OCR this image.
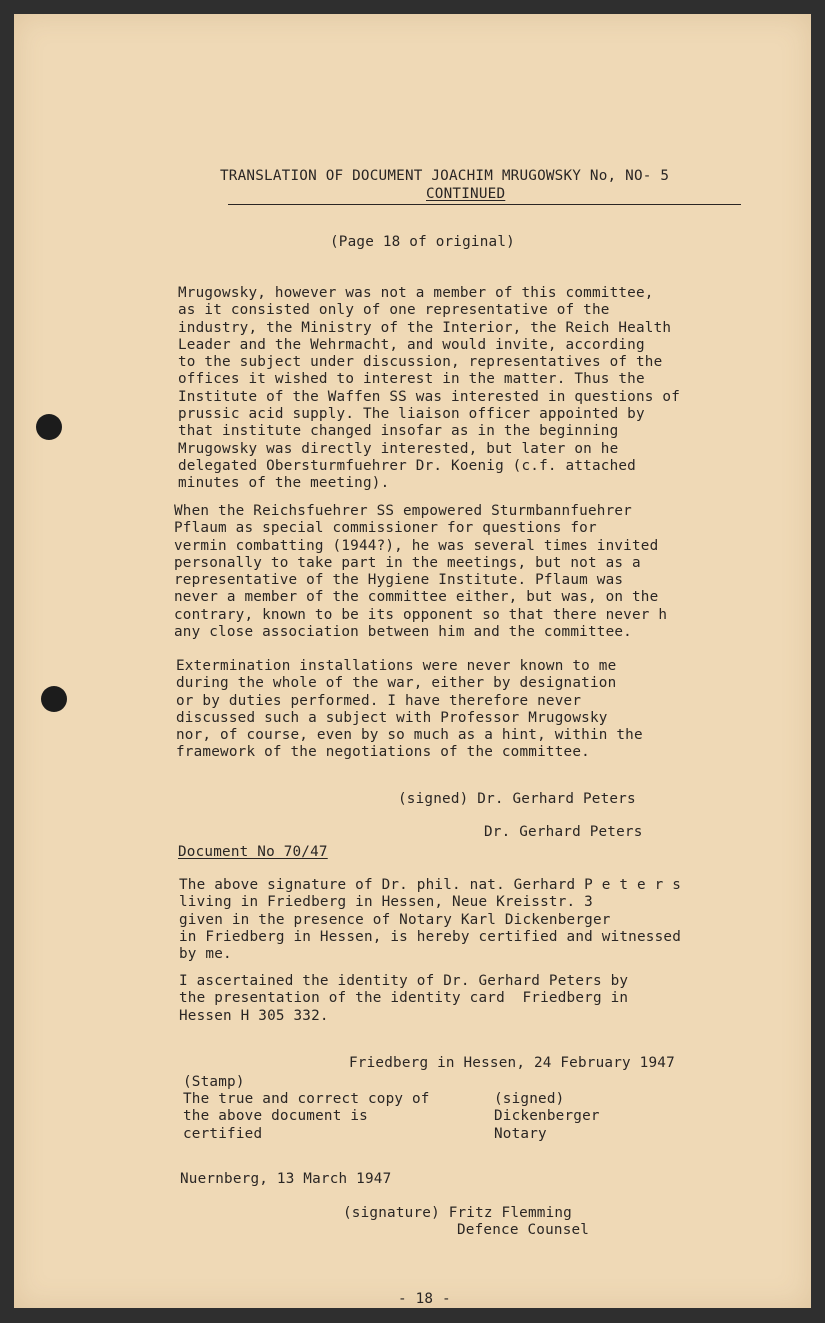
TRANSLATION OF DOCUMENT JOACHIM MRUGOWSKY No, NO- 5
CONTINUED
(Page 18 of original)
Mrugowsky, however was not a member of this committee,
as it consisted only of one representative of the
industry, the Ministry of the Interior, the Reich Health
Leader and the Wehrmacht, and would invite, according
to the subject under discussion, representatives of the
offices it wished to interest in the matter. Thus the
Institute of the Waffen SS was interested in questions of
prussic acid supply. The liaison officer appointed by
that institute changed insofar as in the beginning
Mrugowsky was directly interested, but later on he
delegated Obersturmfuehrer Dr. Koenig (c.f. attached
minutes of the meeting).
When the Reichsfuehrer SS empowered Sturmbannfuehrer
Pflaum as special commissioner for questions for
vermin combatting (1944?), he was several times invited
personally to take part in the meetings, but not as a
representative of the Hygiene Institute. Pflaum was
never a member of the committee either, but was, on the
contrary, known to be its opponent so that there never h
any close association between him and the committee.
Extermination installations were never known to me
during the whole of the war, either by designation
or by duties performed. I have therefore never
discussed such a subject with Professor Mrugowsky
nor, of course, even by so much as a hint, within the
framework of the negotiations of the committee.
(signed) Dr. Gerhard Peters
Dr. Gerhard Peters
Document No 70/47
The above signature of Dr. phil. nat. Gerhard P e t e r s
living in Friedberg in Hessen, Neue Kreisstr. 3
given in the presence of Notary Karl Dickenberger
in Friedberg in Hessen, is hereby certified and witnessed
by me.
I ascertained the identity of Dr. Gerhard Peters by
the presentation of the identity card  Friedberg in
Hessen H 305 332.
Friedberg in Hessen, 24 February 1947
(Stamp)
The true and correct copy of
the above document is
certified
(signed)
Dickenberger
Notary
Nuernberg, 13 March 1947
(signature) Fritz Flemming
Defence Counsel
- 18 -
